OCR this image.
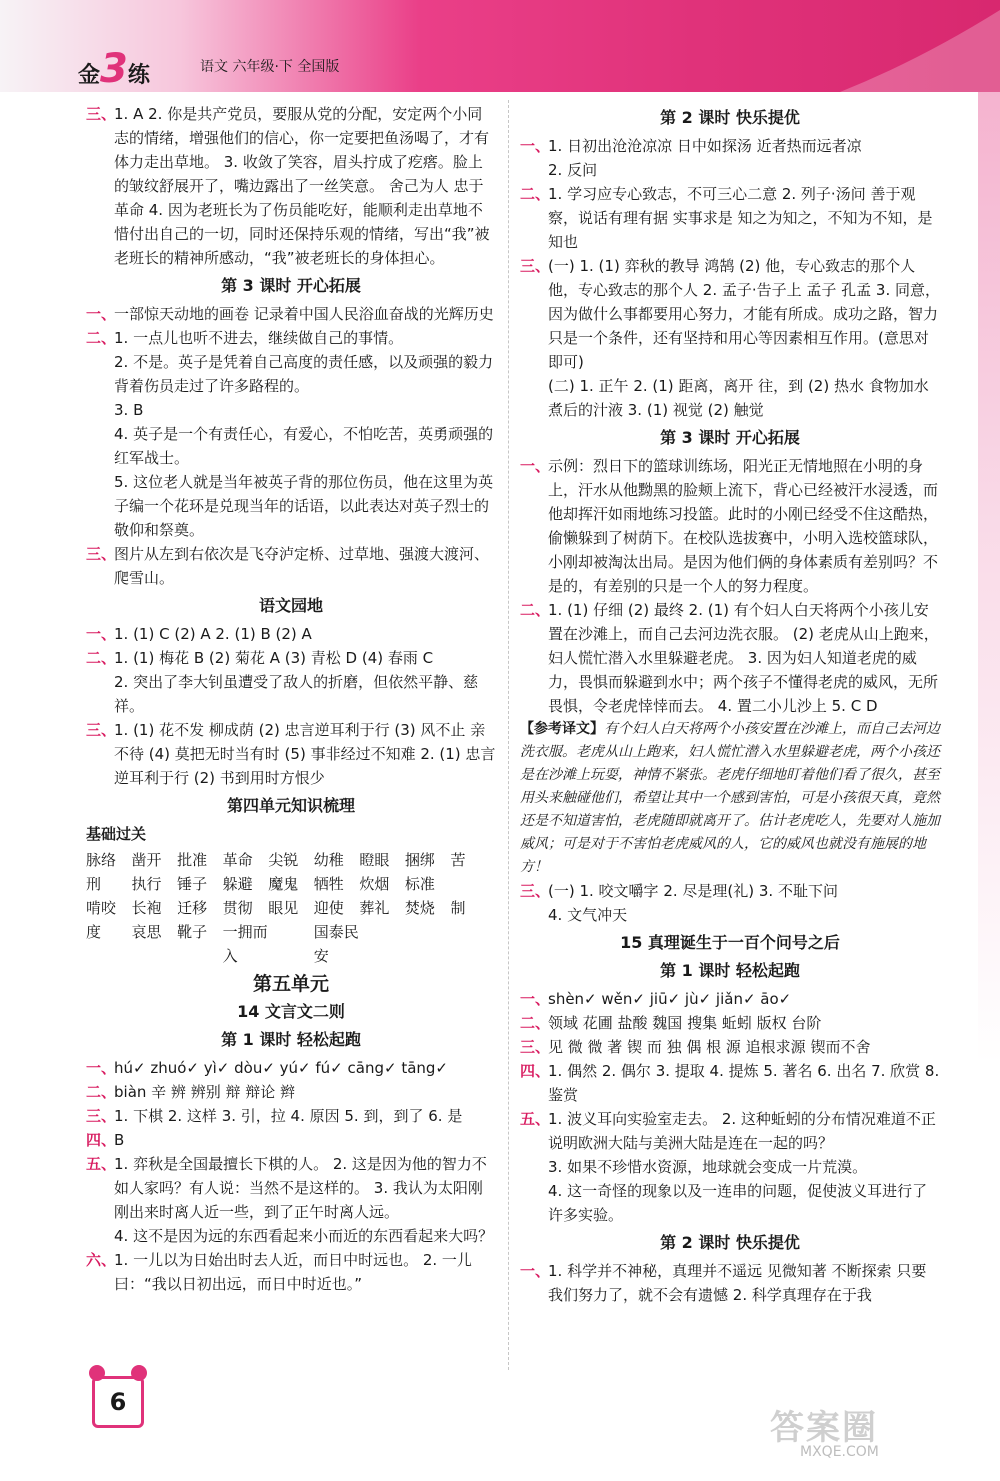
金3练	语文 六年级·下 全国版
三、
1. A 2. 你是共产党员，要服从党的分配，安定两个小同志的情绪，增强他们的信心，你一定要把鱼汤喝了，才有体力走出草地。 3. 收敛了笑容，眉头拧成了疙瘩。脸上的皱纹舒展开了，嘴边露出了一丝笑意。 舍己为人 忠于革命 4. 因为老班长为了伤员能吃好，能顺利走出草地不惜付出自己的一切，同时还保持乐观的情绪，写出“我”被老班长的精神所感动，“我”被老班长的身体担心。
第 3 课时 开心拓展
一、
一部惊天动地的画卷 记录着中国人民浴血奋战的光辉历史
二、
1. 一点儿也听不进去，继续做自己的事情。
2. 不是。英子是凭着自己高度的责任感，以及顽强的毅力背着伤员走过了许多路程的。
3. B
4. 英子是一个有责任心，有爱心，不怕吃苦，英勇顽强的红军战士。
5. 这位老人就是当年被英子背的那位伤员，他在这里为英子编一个花环是兑现当年的话语，以此表达对英子烈士的敬仰和祭奠。
三、
图片从左到右依次是飞夺泸定桥、过草地、强渡大渡河、爬雪山。
语文园地
一、
1. (1) C (2) A 2. (1) B (2) A
二、
1. (1) 梅花 B (2) 菊花 A (3) 青松 D (4) 春雨 C
2. 突出了李大钊虽遭受了敌人的折磨，但依然平静、慈祥。
三、
1. (1) 花不发 柳成荫 (2) 忠言逆耳利于行 (3) 风不止 亲不待 (4) 莫把无时当有时 (5) 事非经过不知难 2. (1) 忠言逆耳利于行 (2) 书到用时方恨少
第四单元知识梳理
基础过关
脉络	凿开	批准	革命	尖锐	幼稚	瞪眼	捆绑	苦
刑	执行	锤子	躲避	魔鬼	牺牲	炊烟	标准
啃咬	长袍	迁移	贯彻	眼见	迎使	葬礼	焚烧	制
度	哀思	靴子	一拥而入
国泰民安
第五单元
14 文言文二则
第 1 课时 轻松起跑
一、
hú✓ zhuó✓ yì✓ dòu✓ yú✓ fú✓ cāng✓ tāng✓
二、
biàn 辛 辨 辨别 辩 辩论 辫
三、
1. 下棋 2. 这样 3. 引，拉 4. 原因 5. 到，到了 6. 是
四、
B
五、
1. 弈秋是全国最擅长下棋的人。 2. 这是因为他的智力不如人家吗？有人说：当然不是这样的。 3. 我认为太阳刚刚出来时离人近一些，到了正午时离人远。
4. 这不是因为远的东西看起来小而近的东西看起来大吗？
六、
1. 一儿以为日始出时去人近，而日中时远也。 2. 一儿曰：“我以日初出远，而日中时近也。”
第 2 课时 快乐提优
一、
1. 日初出沧沧凉凉 日中如探汤 近者热而远者凉
2. 反问
二、
1. 学习应专心致志，不可三心二意 2. 列子·汤问 善于观察，说话有理有据 实事求是 知之为知之，不知为不知，是知也
三、
(一) 1. (1) 弈秋的教导 鸿鹄 (2) 他，专心致志的那个人 他，专心致志的那个人 2. 孟子·告子上 孟子 孔孟 3. 同意，因为做什么事都要用心努力，才能有所成。成功之路，智力只是一个条件，还有坚持和用心等因素相互作用。(意思对即可)
(二) 1. 正午 2. (1) 距离，离开 往，到 (2) 热水 食物加水煮后的汁液 3. (1) 视觉 (2) 触觉
第 3 课时 开心拓展
一、
示例：烈日下的篮球训练场，阳光正无情地照在小明的身上，汗水从他黝黑的脸颊上流下，背心已经被汗水浸透，而他却挥汗如雨地练习投篮。此时的小刚已经受不住这酷热，偷懒躲到了树荫下。在校队选拔赛中，小明入选校篮球队，小刚却被淘汰出局。是因为他们俩的身体素质有差别吗？不是的，有差别的只是一个人的努力程度。
二、
1. (1) 仔细 (2) 最终 2. (1) 有个妇人白天将两个小孩儿安置在沙滩上，而自己去河边洗衣服。 (2) 老虎从山上跑来，妇人慌忙潜入水里躲避老虎。 3. 因为妇人知道老虎的威力，畏惧而躲避到水中；两个孩子不懂得老虎的威风，无所畏惧，令老虎悻悻而去。 4. 置二小儿沙上 5. C D
【参考译文】有个妇人白天将两个小孩安置在沙滩上，而自己去河边洗衣服。老虎从山上跑来，妇人慌忙潜入水里躲避老虎，两个小孩还是在沙滩上玩耍，神情不紧张。老虎仔细地盯着他们看了很久，甚至用头来触碰他们，希望让其中一个感到害怕，可是小孩很天真，竟然还是不知道害怕，老虎随即就离开了。估计老虎吃人，先要对人施加威风；可是对于不害怕老虎威风的人，它的威风也就没有施展的地方！
三、
(一) 1. 咬文嚼字 2. 尽是理(礼) 3. 不耻下问
4. 文气冲天
15 真理诞生于一百个问号之后
第 1 课时 轻松起跑
一、
shèn✓ wěn✓ jiū✓ jù✓ jiǎn✓ āo✓
二、
领域 花圃 盐酸 魏国 搜集 蚯蚓 版权 台阶
三、
见 微 微 著 锲 而 独 偶 根 源 追根求源 锲而不舍
四、
1. 偶然 2. 偶尔 3. 提取 4. 提炼 5. 著名 6. 出名 7. 欣赏 8. 鉴赏
五、
1. 波义耳向实验室走去。 2. 这种蚯蚓的分布情况难道不正说明欧洲大陆与美洲大陆是连在一起的吗？
3. 如果不珍惜水资源，地球就会变成一片荒漠。
4. 这一奇怪的现象以及一连串的问题，促使波义耳进行了许多实验。
第 2 课时 快乐提优
一、
1. 科学并不神秘，真理并不遥远 见微知著 不断探索 只要我们努力了，就不会有遗憾 2. 科学真理存在于我
6
答案圈
MXQE.COM
